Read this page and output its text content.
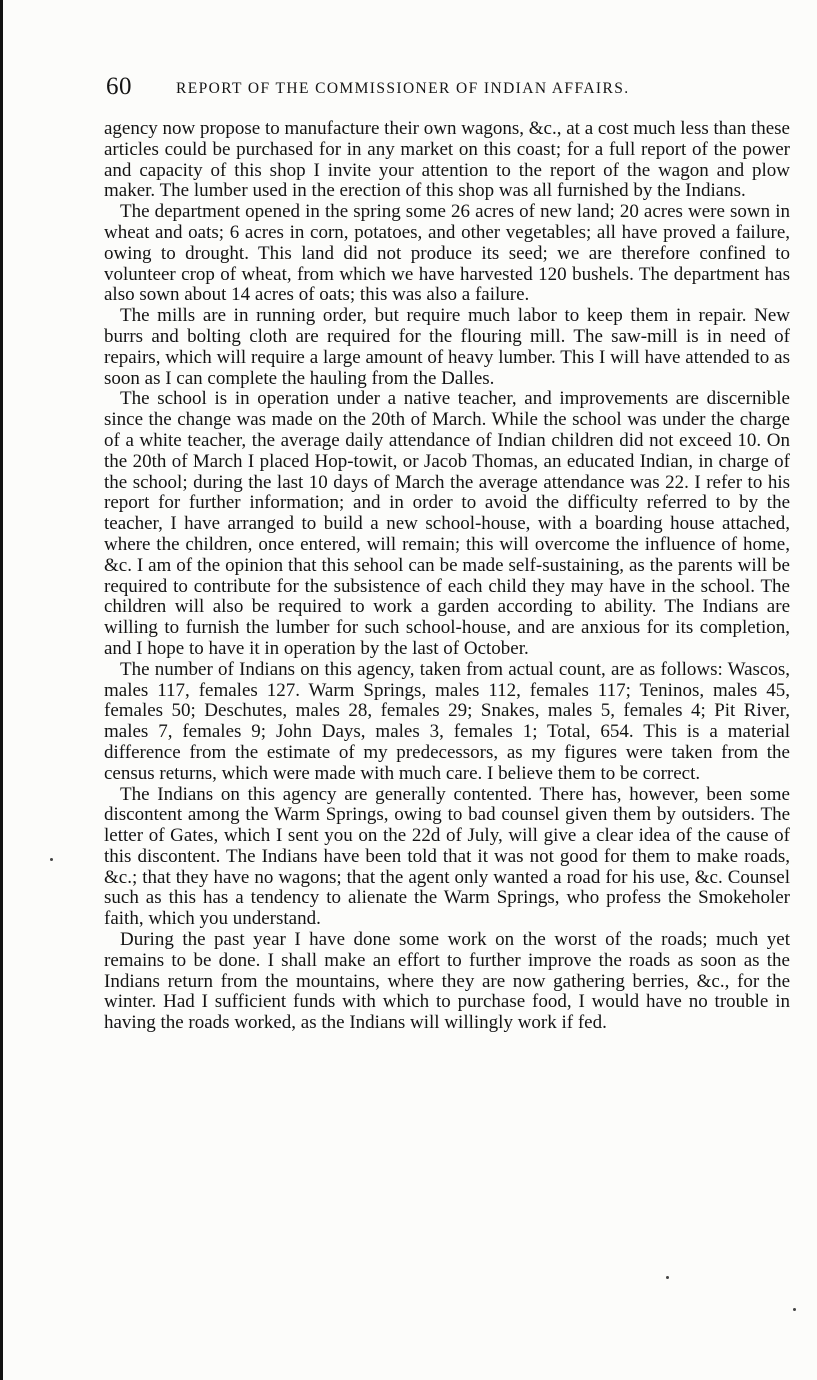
60	REPORT OF THE COMMISSIONER OF INDIAN AFFAIRS.

agency now propose to manufacture their own wagons, &c., at a cost much less than these articles could be purchased for in any market on this coast; for a full report of the power and capacity of this shop I invite your attention to the report of the wagon and plow maker. The lumber used in the erection of this shop was all furnished by the Indians.

The department opened in the spring some 26 acres of new land; 20 acres were sown in wheat and oats; 6 acres in corn, potatoes, and other vegetables; all have proved a failure, owing to drought. This land did not produce its seed; we are therefore confined to volunteer crop of wheat, from which we have harvested 120 bushels. The department has also sown about 14 acres of oats; this was also a failure.

The mills are in running order, but require much labor to keep them in repair. New burrs and bolting cloth are required for the flouring mill. The saw-mill is in need of repairs, which will require a large amount of heavy lumber. This I will have attended to as soon as I can complete the hauling from the Dalles.

The school is in operation under a native teacher, and improvements are discernible since the change was made on the 20th of March. While the school was under the charge of a white teacher, the average daily attendance of Indian children did not exceed 10. On the 20th of March I placed Hop-towit, or Jacob Thomas, an educated Indian, in charge of the school; during the last 10 days of March the average attendance was 22. I refer to his report for further information; and in order to avoid the difficulty referred to by the teacher, I have arranged to build a new school-house, with a boarding house attached, where the children, once entered, will remain; this will overcome the influence of home, &c. I am of the opinion that this sehool can be made self-sustaining, as the parents will be required to contribute for the subsistence of each child they may have in the school. The children will also be required to work a garden according to ability. The Indians are willing to furnish the lumber for such school-house, and are anxious for its completion, and I hope to have it in operation by the last of October.

The number of Indians on this agency, taken from actual count, are as follows: Wascos, males 117, females 127. Warm Springs, males 112, females 117; Teninos, males 45, females 50; Deschutes, males 28, females 29; Snakes, males 5, females 4; Pit River, males 7, females 9; John Days, males 3, females 1; Total, 654. This is a material difference from the estimate of my predecessors, as my figures were taken from the census returns, which were made with much care. I believe them to be correct.

The Indians on this agency are generally contented. There has, however, been some discontent among the Warm Springs, owing to bad counsel given them by outsiders. The letter of Gates, which I sent you on the 22d of July, will give a clear idea of the cause of this discontent. The Indians have been told that it was not good for them to make roads, &c.; that they have no wagons; that the agent only wanted a road for his use, &c. Counsel such as this has a tendency to alienate the Warm Springs, who profess the Smokeholer faith, which you understand.

During the past year I have done some work on the worst of the roads; much yet remains to be done. I shall make an effort to further improve the roads as soon as the Indians return from the mountains, where they are now gathering berries, &c., for the winter. Had I sufficient funds with which to purchase food, I would have no trouble in having the roads worked, as the Indians will willingly work if fed.
